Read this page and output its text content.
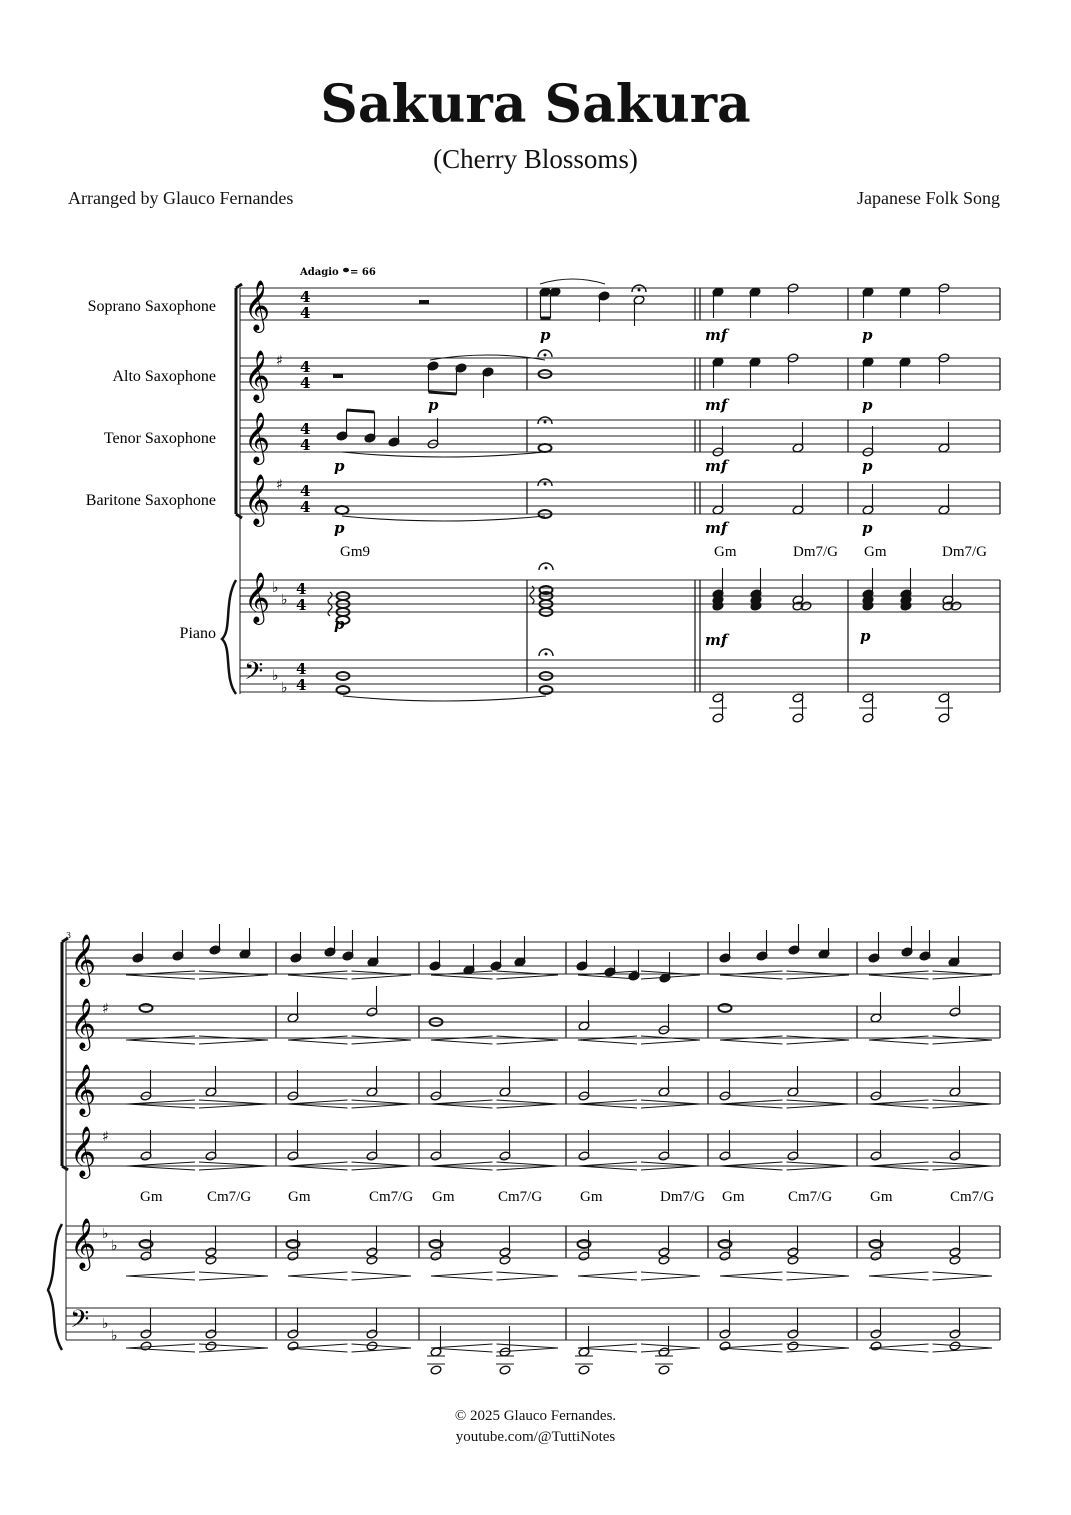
Sakura Sakura
(Cherry Blossoms)
Arranged by Glauco Fernandes	Japanese Folk Song
𝄞 4
4
𝄞 ♯ 4
4
𝄞 4
4
𝄞 ♯ 4
4
𝄞 ♭
♭
4
4
𝄢 ♭
♭
4
4
𝄞
𝄞 ♯
𝄞
𝄞 ♯
𝄞 ♭
♭
𝄢 ♭
♭
Adagio = 66
Soprano Saxophone
Alto Saxophone
Tenor Saxophone
Baritone Saxophone
Piano
Gm9	Gm	Dm7/G Gm	Dm7/G
p	mf	p
p	mf	p
p	mf	p
p	mf	p
p
mf	p
3
Gm	Cm7/G Gm	Cm7/G Gm	Cm7/G	Gm	Dm7/G Gm	Cm7/G	Gm	Cm7/G
© 2025 Glauco Fernandes.
youtube.com/@TuttiNotes
